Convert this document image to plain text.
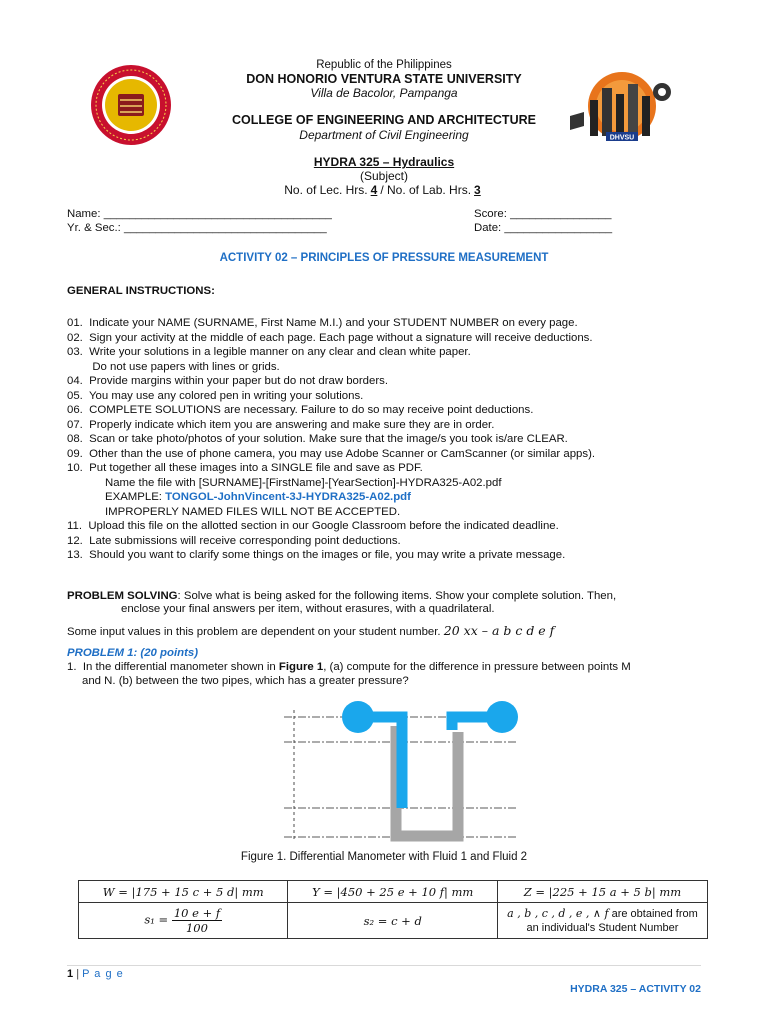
DHVSU
Republic of the Philippines
DON HONORIO VENTURA STATE UNIVERSITY
Villa de Bacolor, Pampanga
COLLEGE OF ENGINEERING AND ARCHITECTURE
Department of Civil Engineering
HYDRA 325 – Hydraulics
(Subject)
No. of Lec. Hrs. 4 / No. of Lab. Hrs. 3
Name: ____________________________________	Score: ________________
Yr. & Sec.: ________________________________	Date: _________________
ACTIVITY 02 – PRINCIPLES OF PRESSURE MEASUREMENT
GENERAL INSTRUCTIONS:
01.  Indicate your NAME (SURNAME, First Name M.I.) and your STUDENT NUMBER on every page.
02.  Sign your activity at the middle of each page. Each page without a signature will receive deductions.
03.  Write your solutions in a legible manner on any clear and clean white paper.
Do not use papers with lines or grids.
04.  Provide margins within your paper but do not draw borders.
05.  You may use any colored pen in writing your solutions.
06.  COMPLETE SOLUTIONS are necessary. Failure to do so may receive point deductions.
07.  Properly indicate which item you are answering and make sure they are in order.
08.  Scan or take photo/photos of your solution. Make sure that the image/s you took is/are CLEAR.
09.  Other than the use of phone camera, you may use Adobe Scanner or CamScanner (or similar apps).
10.  Put together all these images into a SINGLE file and save as PDF.
Name the file with [SURNAME]-[FirstName]-[YearSection]-HYDRA325-A02.pdf
EXAMPLE: TONGOL-JohnVincent-3J-HYDRA325-A02.pdf
IMPROPERLY NAMED FILES WILL NOT BE ACCEPTED.
11.  Upload this file on the allotted section in our Google Classroom before the indicated deadline.
12.  Late submissions will receive corresponding point deductions.
13.  Should you want to clarify some things on the images or file, you may write a private message.
PROBLEM SOLVING: Solve what is being asked for the following items. Show your complete solution. Then,
enclose your final answers per item, without erasures, with a quadrilateral.
Some input values in this problem are dependent on your student number. 20 xx – a b c d e f
PROBLEM 1: (20 points)
1.  In the differential manometer shown in Figure 1, (a) compute for the difference in pressure between points M
and N. (b) between the two pipes, which has a greater pressure?
Figure 1. Differential Manometer with Fluid 1 and Fluid 2
W = |175 + 15 c + 5 d| mm	Y = |450 + 25 e + 10 f| mm	Z = |225 + 15 a + 5 b| mm
$s_1 = \frac{10 e + f}{100}$	s₂ = c + d	a , b , c , d , e , ∧ f are obtained from
an individual's Student Number
1 | P a g e
HYDRA 325 – ACTIVITY 02
